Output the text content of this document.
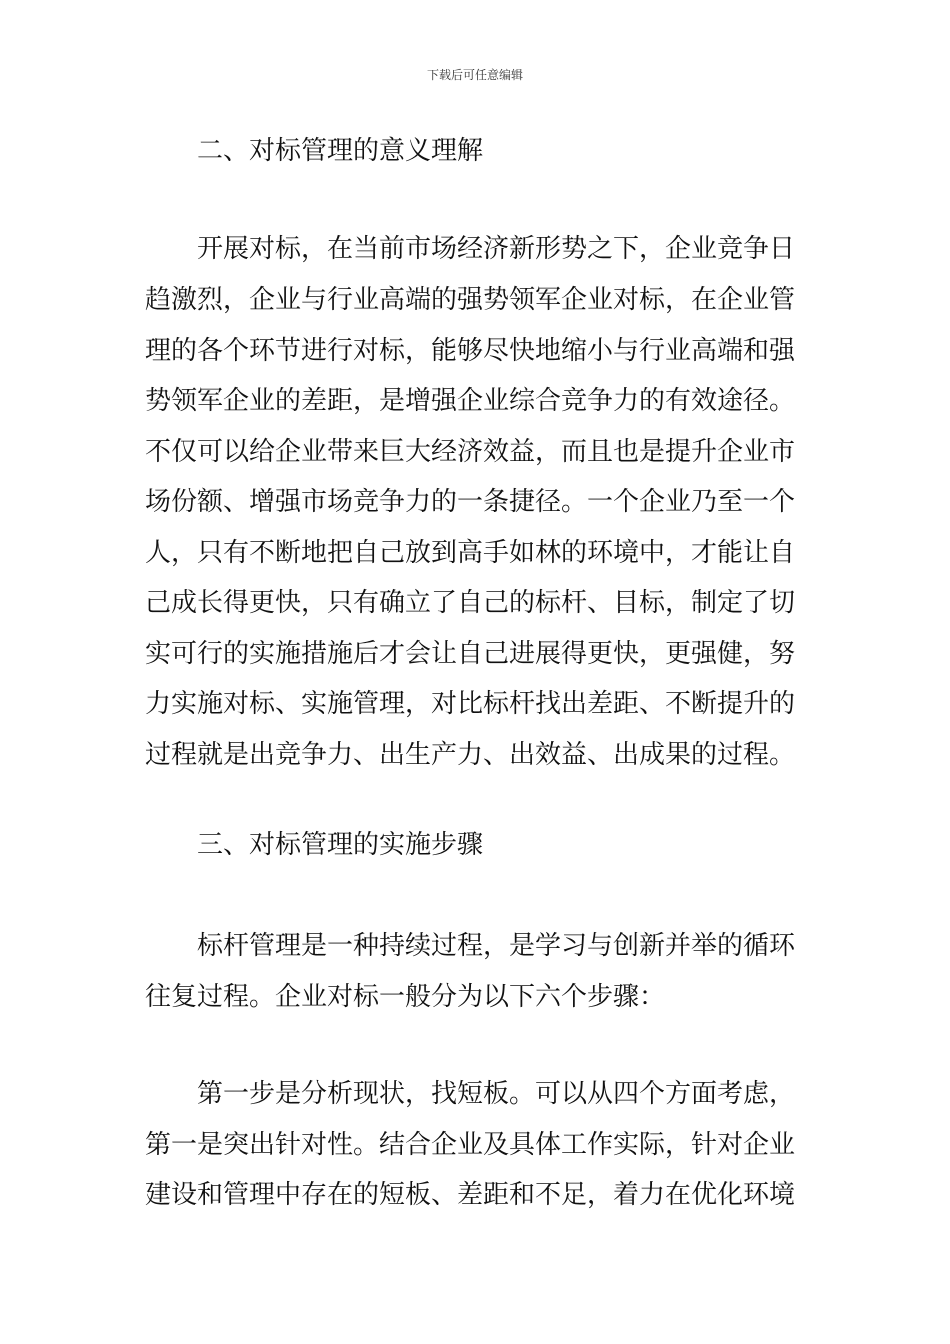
下载后可任意编辑
二、对标管理的意义理解
开展对标，在当前市场经济新形势之下，企业竞争日
趋激烈，企业与行业高端的强势领军企业对标，在企业管
理的各个环节进行对标，能够尽快地缩小与行业高端和强
势领军企业的差距，是增强企业综合竞争力的有效途径。
不仅可以给企业带来巨大经济效益，而且也是提升企业市
场份额、增强市场竞争力的一条捷径。一个企业乃至一个
人，只有不断地把自己放到高手如林的环境中，才能让自
己成长得更快，只有确立了自己的标杆、目标，制定了切
实可行的实施措施后才会让自己进展得更快，更强健，努
力实施对标、实施管理，对比标杆找出差距、不断提升的
过程就是出竞争力、出生产力、出效益、出成果的过程。
三、对标管理的实施步骤
标杆管理是一种持续过程，是学习与创新并举的循环
往复过程。企业对标一般分为以下六个步骤：
第一步是分析现状，找短板。可以从四个方面考虑，
第一是突出针对性。结合企业及具体工作实际，针对企业
建设和管理中存在的短板、差距和不足，着力在优化环境
